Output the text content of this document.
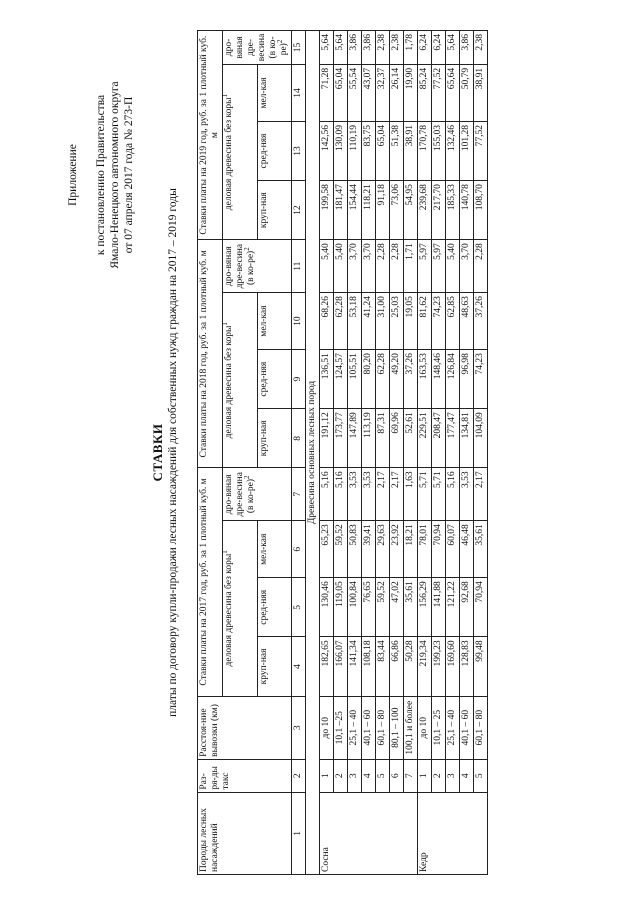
Приложение к постановлению Правительства Ямало-Ненецкого автономного округа от 07 апреля 2017 года № 273-П
СТАВКИ платы по договору купли-продажи лесных насаждений для собственных нужд граждан на 2017 – 2019 годы
Породы лесных насаждений	Раз-ря-ды такс	Расстоя-ние вывозки (км)	Ставки платы на 2017 год, руб. за 1 плотный куб. м				Ставки платы на 2018 год, руб. за 1 плотный куб. м				Ставки платы на 2019 год, руб. за 1 плотный куб. м			
			деловая древесина без коры$^1$			дро-вяная дре-весина (в ко-ре)$^2$	деловая древесина без коры$^1$			дро-вяная дре-весина (в ко-ре)$^2$	деловая древесина без коры$^1$			дро-вяная дре-весина (в ко-ре)$^2$
			круп-ная	сред-няя	мел-кая		круп-ная	сред-няя	мел-кая		круп-ная	сред-няя	мел-кая	
1	2	3	4	5	6	7	8	9	10	11	12	13	14	15
Древесина основных лесных пород														
Сосна	1	до 10	182,65	130,46	65,23	5,16	191,12	136,51	68,26	5,40	199,58	142,56	71,28	5,64
	2	10,1 –25	166,07	119,05	59,52	5,16	173,77	124,57	62,28	5,40	181,47	130,09	65,04	5,64
	3	25,1 – 40	141,34	100,84	50,83	3,53	147,89	105,51	53,18	3,70	154,44	110,19	55,54	3,86
	4	40,1 – 60	108,18	76,65	39,41	3,53	113,19	80,20	41,24	3,70	118,21	83,75	43,07	3,86
	5	60,1 – 80	83,44	59,52	29,63	2,17	87,31	62,28	31,00	2,28	91,18	65,04	32,37	2,38
	6	80,1 – 100	66,86	47,02	23,92	2,17	69,96	49,20	25,03	2,28	73,06	51,38	26,14	2,38
	7	100,1 и более	50,28	35,61	18,21	1,63	52,61	37,26	19,05	1,71	54,95	38,91	19,90	1,78
Кедр	1	до 10	219,34	156,29	78,01	5,71	229,51	163,53	81,62	5,97	239,68	170,78	85,24	6,24
	2	10,1 – 25	199,23	141,88	70,94	5,71	208,47	148,46	74,23	5,97	217,70	155,03	77,52	6,24
	3	25,1 – 40	169,60	121,22	60,07	5,16	177,47	126,84	62,85	5,40	185,33	132,46	65,64	5,64
	4	40,1 – 60	128,83	92,68	46,48	3,53	134,81	96,98	48,63	3,70	140,78	101,28	50,79	3,86
	5	60,1 – 80	99,48	70,94	35,61	2,17	104,09	74,23	37,26	2,28	108,70	77,52	38,91	2,38
